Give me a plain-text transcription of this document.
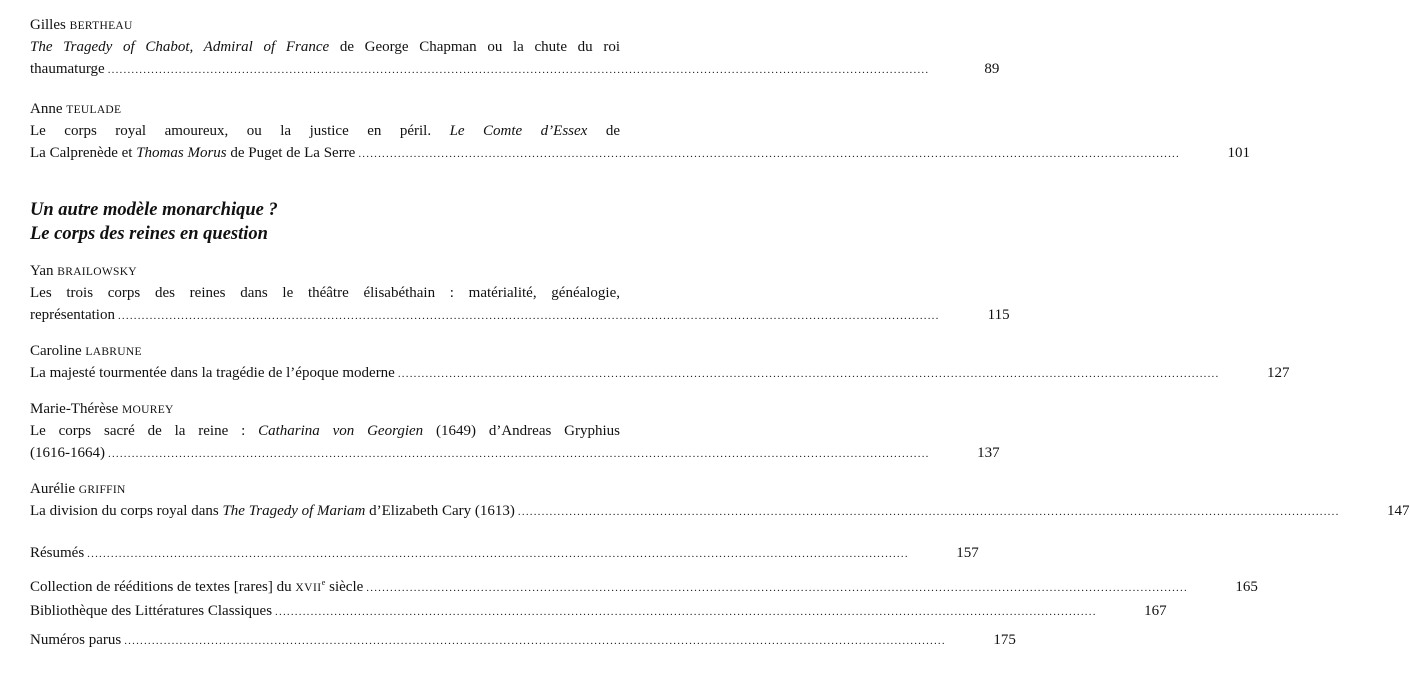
Gilles BERTHEAU
The Tragedy of Chabot, Admiral of France de George Chapman ou la chute du roi
thaumaturge ................................................................................................................................................................................................................	89
Anne TEULADE
Le corps royal amoureux, ou la justice en péril. Le Comte d’Essex de
La Calprenède et Thomas Morus de Puget de La Serre ................................................................................................................................................................................................................	101
Un autre modèle monarchique ?
Le corps des reines en question
Yan BRAILOWSKY
Les trois corps des reines dans le théâtre élisabéthain : matérialité, généalogie,
représentation ................................................................................................................................................................................................................	115
Caroline LABRUNE
La majesté tourmentée dans la tragédie de l’époque moderne ................................................................................................................................................................................................................	127
Marie-Thérèse MOUREY
Le corps sacré de la reine : Catharina von Georgien (1649) d’Andreas Gryphius
(1616-1664) ................................................................................................................................................................................................................	137
Aurélie GRIFFIN
La division du corps royal dans The Tragedy of Mariam d’Elizabeth Cary (1613) ................................................................................................................................................................................................................	147
Résumés ................................................................................................................................................................................................................	157
Collection de rééditions de textes [rares] du XVIIe siècle ................................................................................................................................................................................................................	165
Bibliothèque des Littératures Classiques ................................................................................................................................................................................................................	167
Numéros parus ................................................................................................................................................................................................................	175
